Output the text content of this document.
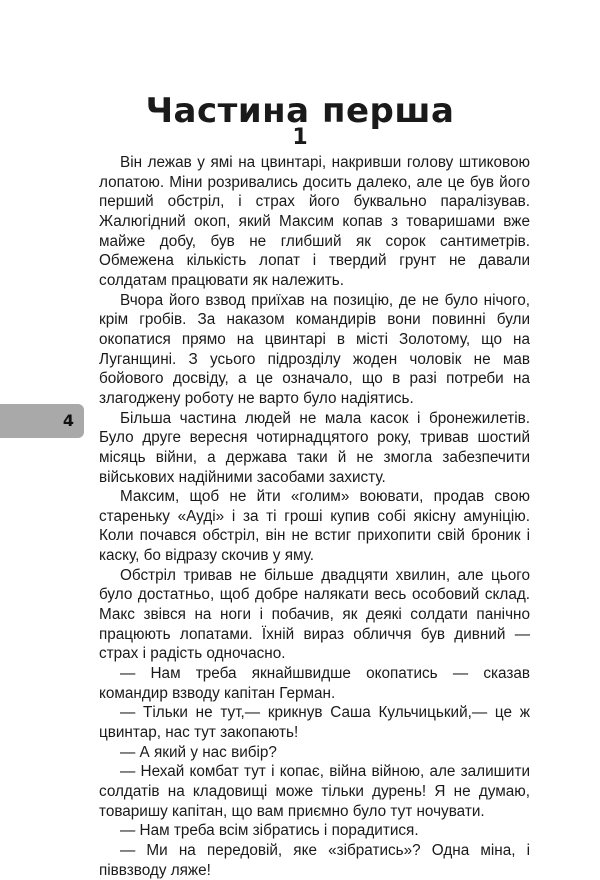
Частина перша
1
4

Він лежав у ямі на цвинтарі, накривши голову штиковою лопатою. Міни розривались досить далеко, але це був його перший обстріл, і страх його буквально паралізував. Жалюгідний окоп, який Максим копав з товаришами вже майже добу, був не глибший як сорок сантиметрів. Обмежена кількість лопат і твердий грунт не давали солдатам працювати як належить.

Вчора його взвод приїхав на позицію, де не було нічого, крім гробів. За наказом командирів вони повинні були окопатися прямо на цвинтарі в місті Золотому, що на Луганщині. З усього підрозділу жоден чоловік не мав бойового досвіду, а це означало, що в разі потреби на злагоджену роботу не варто було надіятись.

Більша частина людей не мала касок і бронежилетів. Було друге вересня чотирнадцятого року, тривав шостий місяць війни, а держава таки й не змогла забезпечити військових надійними засобами захисту.

Максим, щоб не йти «голим» воювати, продав свою стареньку «Ауді» і за ті гроші купив собі якісну амуніцію. Коли почався обстріл, він не встиг прихопити свій броник і каску, бо відразу скочив у яму.

Обстріл тривав не більше двадцяти хвилин, але цього було достатньо, щоб добре налякати весь особовий склад. Макс звівся на ноги і побачив, як деякі солдати панічно працюють лопатами. Їхній вираз обличчя був дивний — страх і радість одночасно.

— Нам треба якнайшвидше окопатись — сказав командир взводу капітан Герман.

— Тільки не тут,— крикнув Саша Кульчицький,— це ж цвинтар, нас тут закопають!

— А який у нас вибір?

— Нехай комбат тут і копає, війна війною, але залишити солдатів на кладовищі може тільки дурень! Я не думаю, товаришу капітан, що вам приємно було тут ночувати.

— Нам треба всім зібратись і порадитися.

— Ми на передовій, яке «зібратись»? Одна міна, і піввзводу ляже!
